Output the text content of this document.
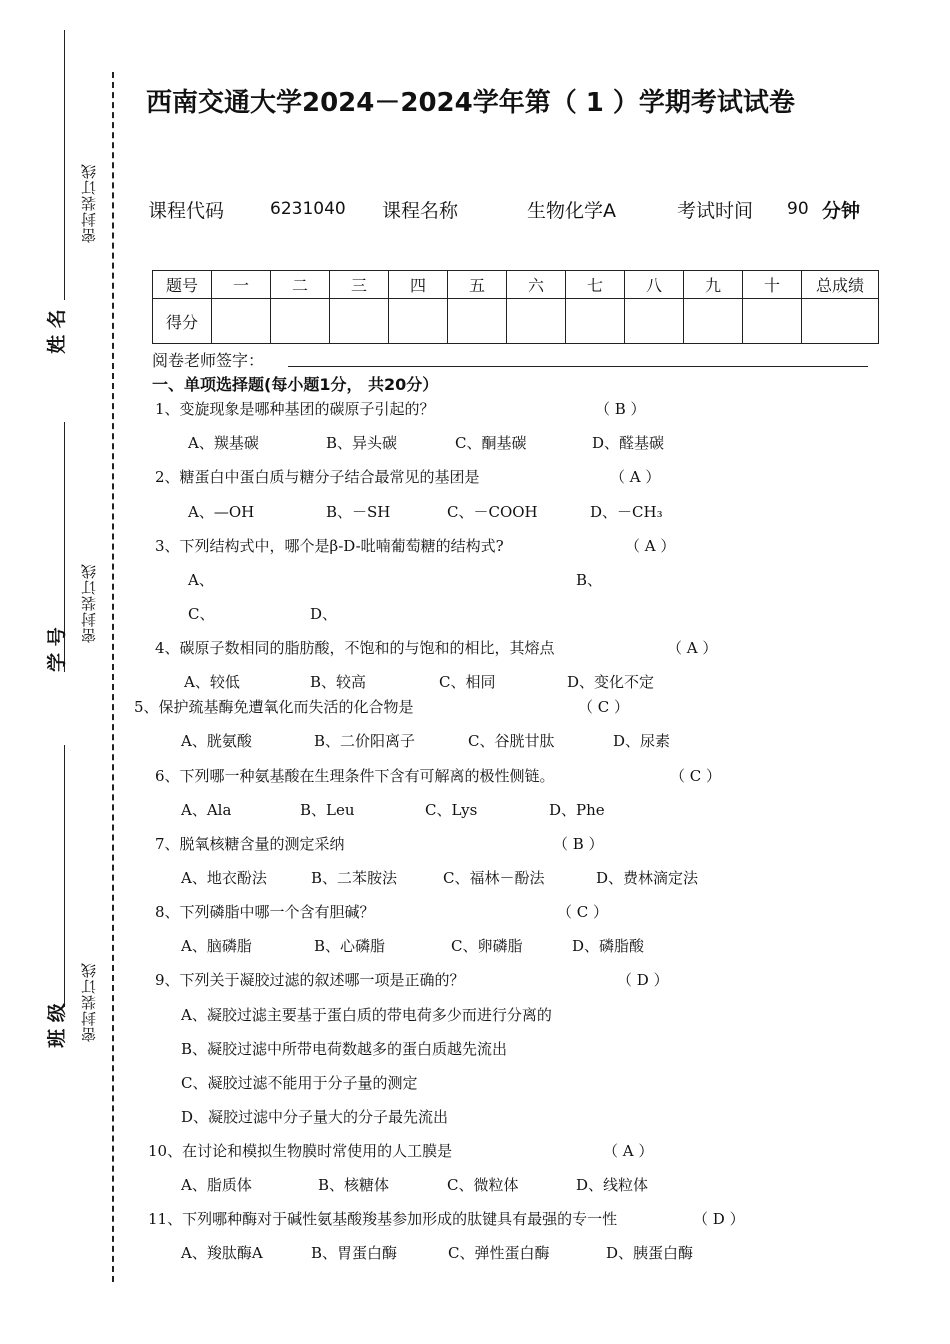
姓 名
学 号
班 级
密封装订线
密封装订线
密封装订线
西南交通大学2024－2024学年第（ 1 ）学期考试试卷
课程代码	6231040 课程名称	生物化学A	考试时间 90 分钟
题号	一	二	三	四	五	六	七	八	九	十	总成绩
得分											
阅卷老师签字：
一、单项选择题(每小题1分， 共20分）
1、变旋现象是哪种基团的碳原子引起的？	（ B ）
A、羰基碳	B、异头碳	C、酮基碳	D、醛基碳
2、糖蛋白中蛋白质与糖分子结合最常见的基团是	（ A ）
A、—OH	B、－SH	C、－COOH	D、－CH₃
3、下列结构式中，哪个是β-D-吡喃葡萄糖的结构式?	（ A ）
A、	B、
C、	D、
4、碳原子数相同的脂肪酸，不饱和的与饱和的相比，其熔点	（ A ）
A、较低	B、较高	C、相同	D、变化不定
5、保护巯基酶免遭氧化而失活的化合物是	（ C ）
A、胱氨酸	B、二价阳离子	C、谷胱甘肽	D、尿素
6、下列哪一种氨基酸在生理条件下含有可解离的极性侧链。	（ C ）
A、Ala	B、Leu	C、Lys	D、Phe
7、脱氧核糖含量的测定采纳	（ B ）
A、地衣酚法	B、二苯胺法	C、福林－酚法	D、费林滴定法
8、下列磷脂中哪一个含有胆碱？	（ C ）
A、脑磷脂	B、心磷脂	C、卵磷脂	D、磷脂酸
9、下列关于凝胶过滤的叙述哪一项是正确的？	（ D ）
A、凝胶过滤主要基于蛋白质的带电荷多少而进行分离的
B、凝胶过滤中所带电荷数越多的蛋白质越先流出
C、凝胶过滤不能用于分子量的测定
D、凝胶过滤中分子量大的分子最先流出
10、在讨论和模拟生物膜时常使用的人工膜是	（ A ）
A、脂质体	B、核糖体	C、微粒体	D、线粒体
11、下列哪种酶对于碱性氨基酸羧基参加形成的肽键具有最强的专一性	（ D ）
A、羧肽酶A	B、胃蛋白酶	C、弹性蛋白酶	D、胰蛋白酶
